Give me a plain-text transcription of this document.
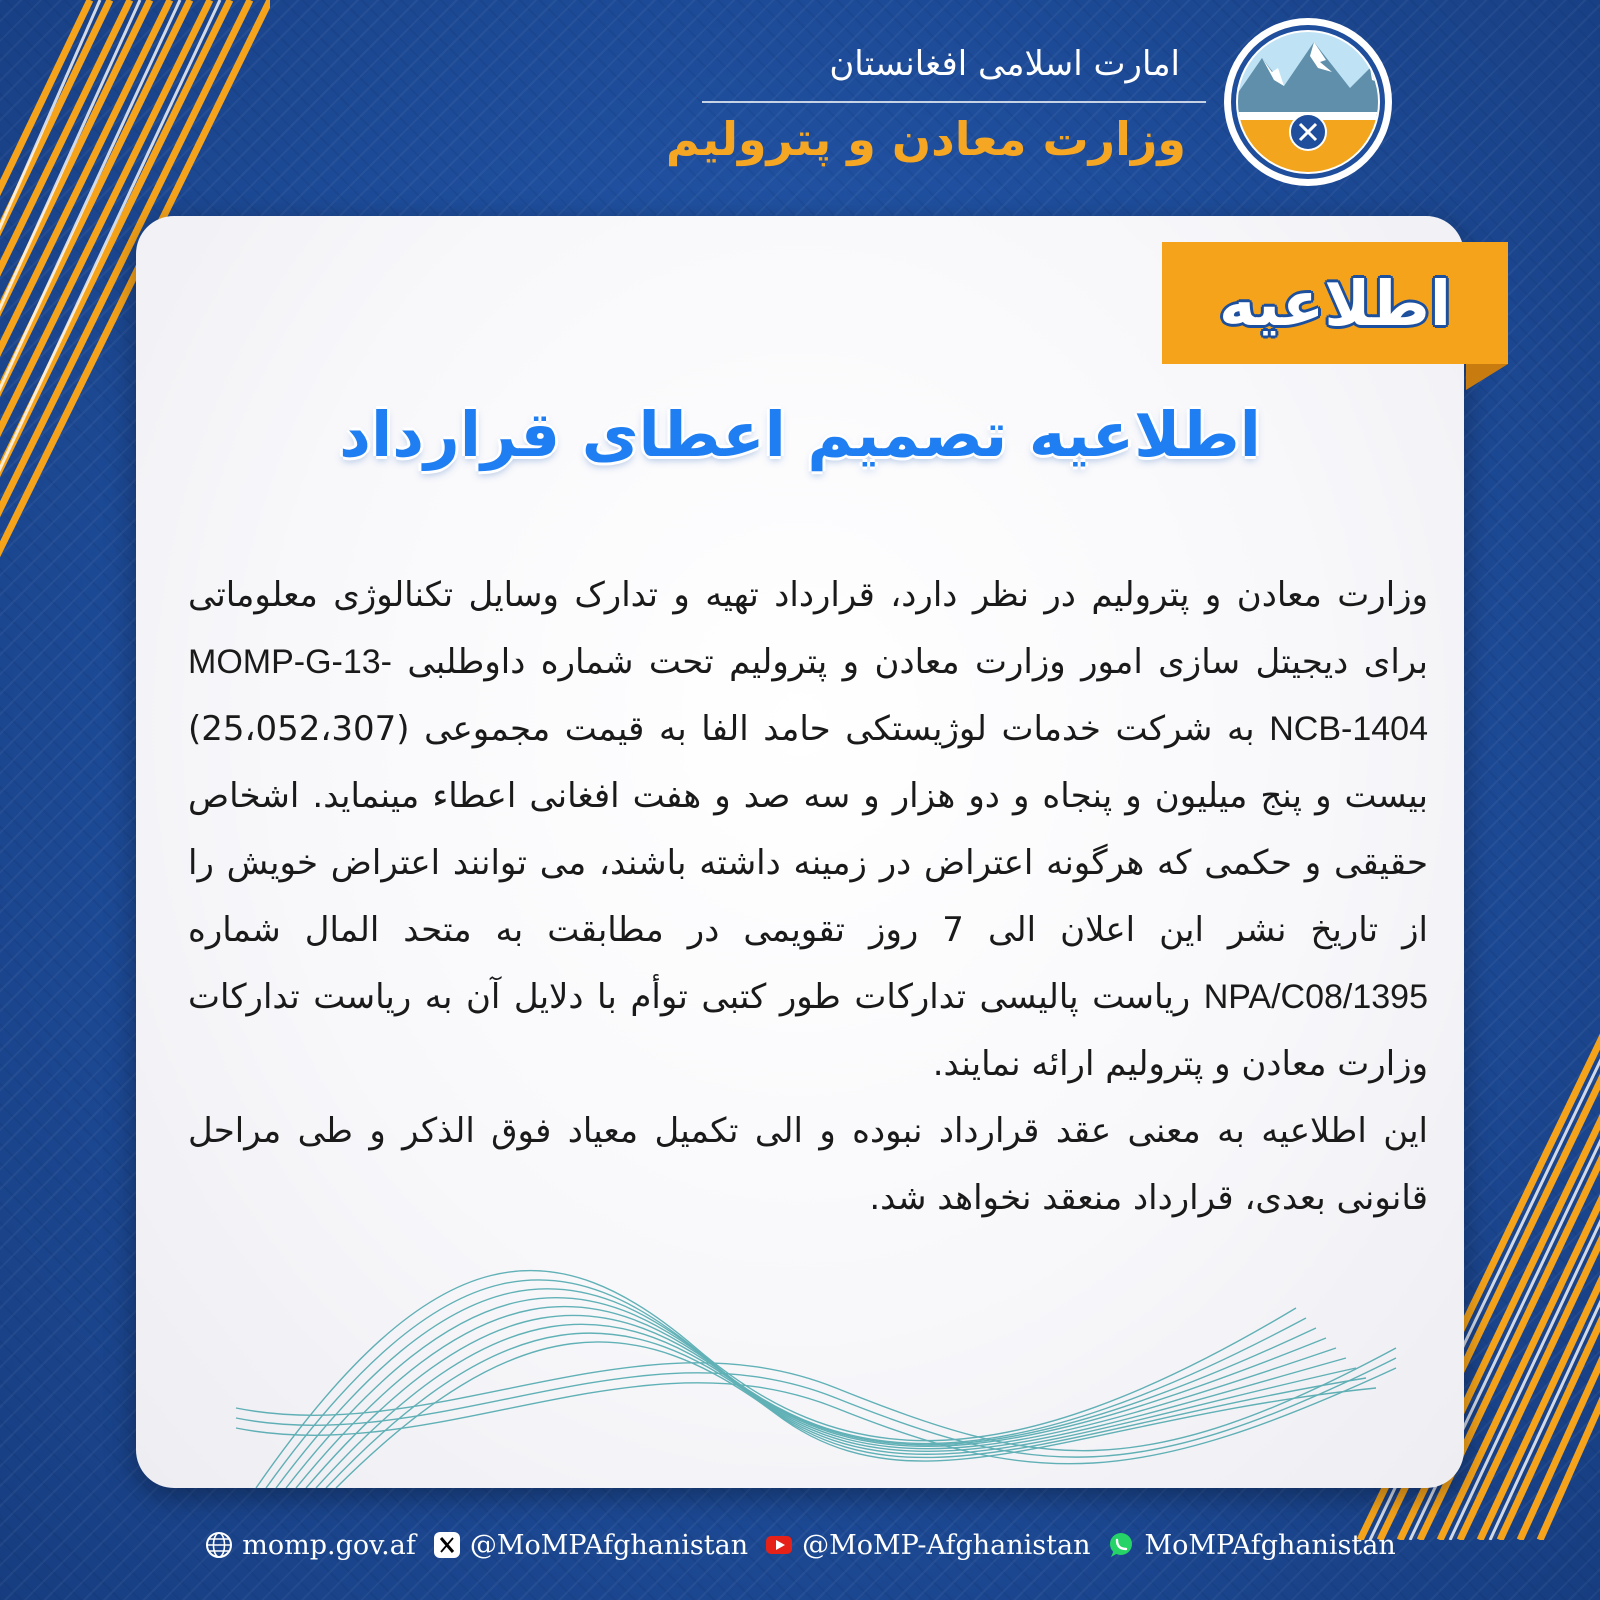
امارت اسلامی افغانستان
وزارت معادن و پترولیم
اطلاعیه
اطلاعیه تصمیم اعطای قرارداد

وزارت معادن و پترولیم در نظر دارد، قرارداد تهیه و تدارک وسایل تکنالوژی معلوماتی برای دیجیتل سازی امور وزارت معادن و پترولیم تحت شماره داوطلبی MOMP-G-13-NCB-1404 به شرکت خدمات لوژیستکی حامد الفا به قیمت مجموعی (25،052،307) بیست و پنج میلیون و پنجاه و دو هزار و سه صد و هفت افغانی اعطاء مینماید. اشخاص حقیقی و حکمی که هرگونه اعتراض در زمینه داشته باشند، می توانند اعتراض خویش را از تاریخ نشر این اعلان الی 7 روز تقویمی در مطابقت به متحد المال شماره NPA/C08/1395 ریاست پالیسی تدارکات طور کتبی توأم با دلایل آن به ریاست تدارکات وزارت معادن و پترولیم ارائه نمایند.

این اطلاعیه به معنی عقد قرارداد نبوده و الی تکمیل معیاد فوق الذکر و طی مراحل قانونی بعدی، قرارداد منعقد نخواهد شد.

momp.gov.af @MoMPAfghanistan @MoMP-Afghanistan MoMPAfghanistan
